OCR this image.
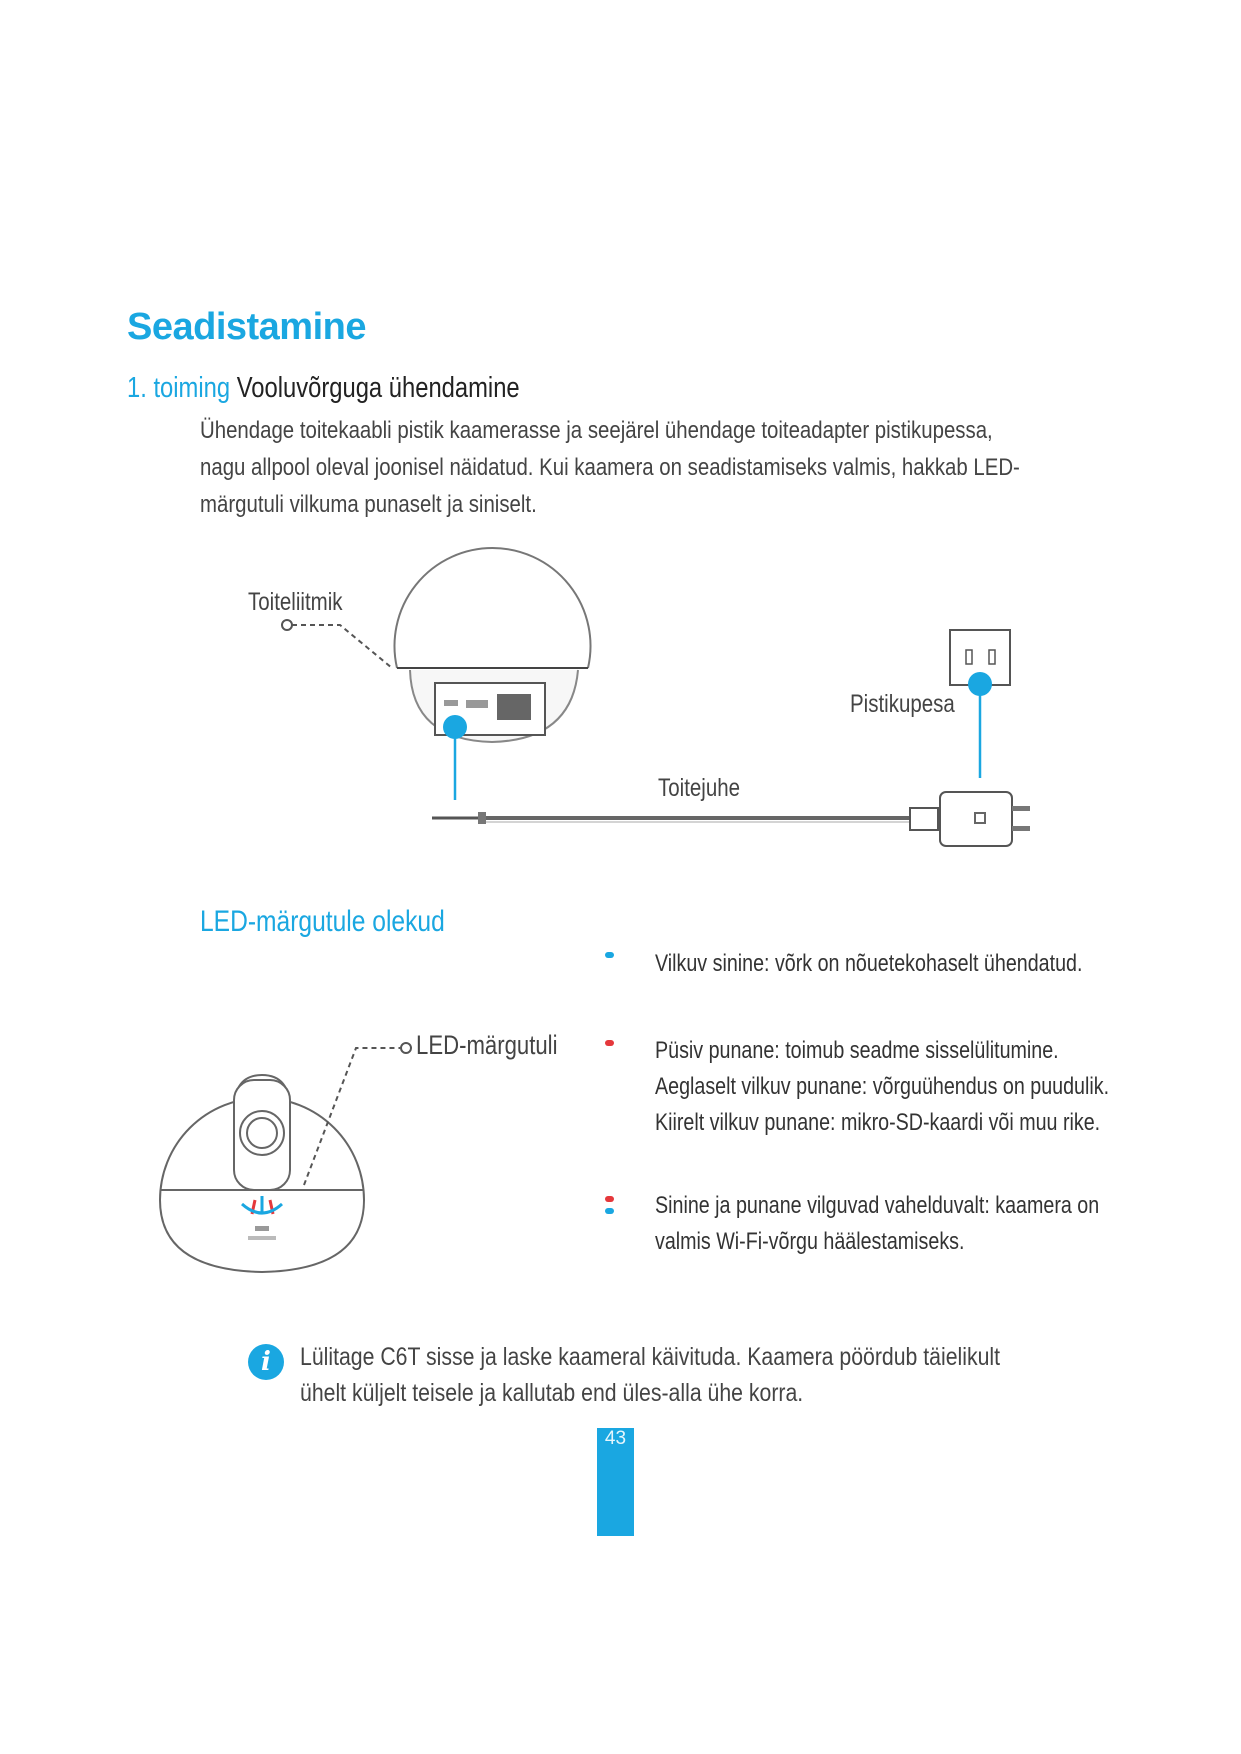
Seadistamine
1. toiming Vooluvõrguga ühendamine
Ühendage toitekaabli pistik kaamerasse ja seejärel ühendage toiteadapter pistikupessa, nagu allpool oleval joonisel näidatud. Kui kaamera on seadistamiseks valmis, hakkab LED-märgutuli vilkuma punaselt ja siniselt.
Toiteliitmik
Pistikupesa
Toitejuhe
LED-märgutule olekud
LED-märgutuli
Vilkuv sinine: võrk on nõuetekohaselt ühendatud.
Püsiv punane: toimub seadme sisselülitumine.
Aeglaselt vilkuv punane: võrguühendus on puudulik.
Kiirelt vilkuv punane: mikro-SD-kaardi või muu rike.
Sinine ja punane vilguvad vahelduvalt: kaamera on
valmis Wi-Fi-võrgu häälestamiseks.
i	Lülitage C6T sisse ja laske kaameral käivituda. Kaamera pöördub täielikult ühelt küljelt teisele ja kallutab end üles-alla ühe korra.
43
